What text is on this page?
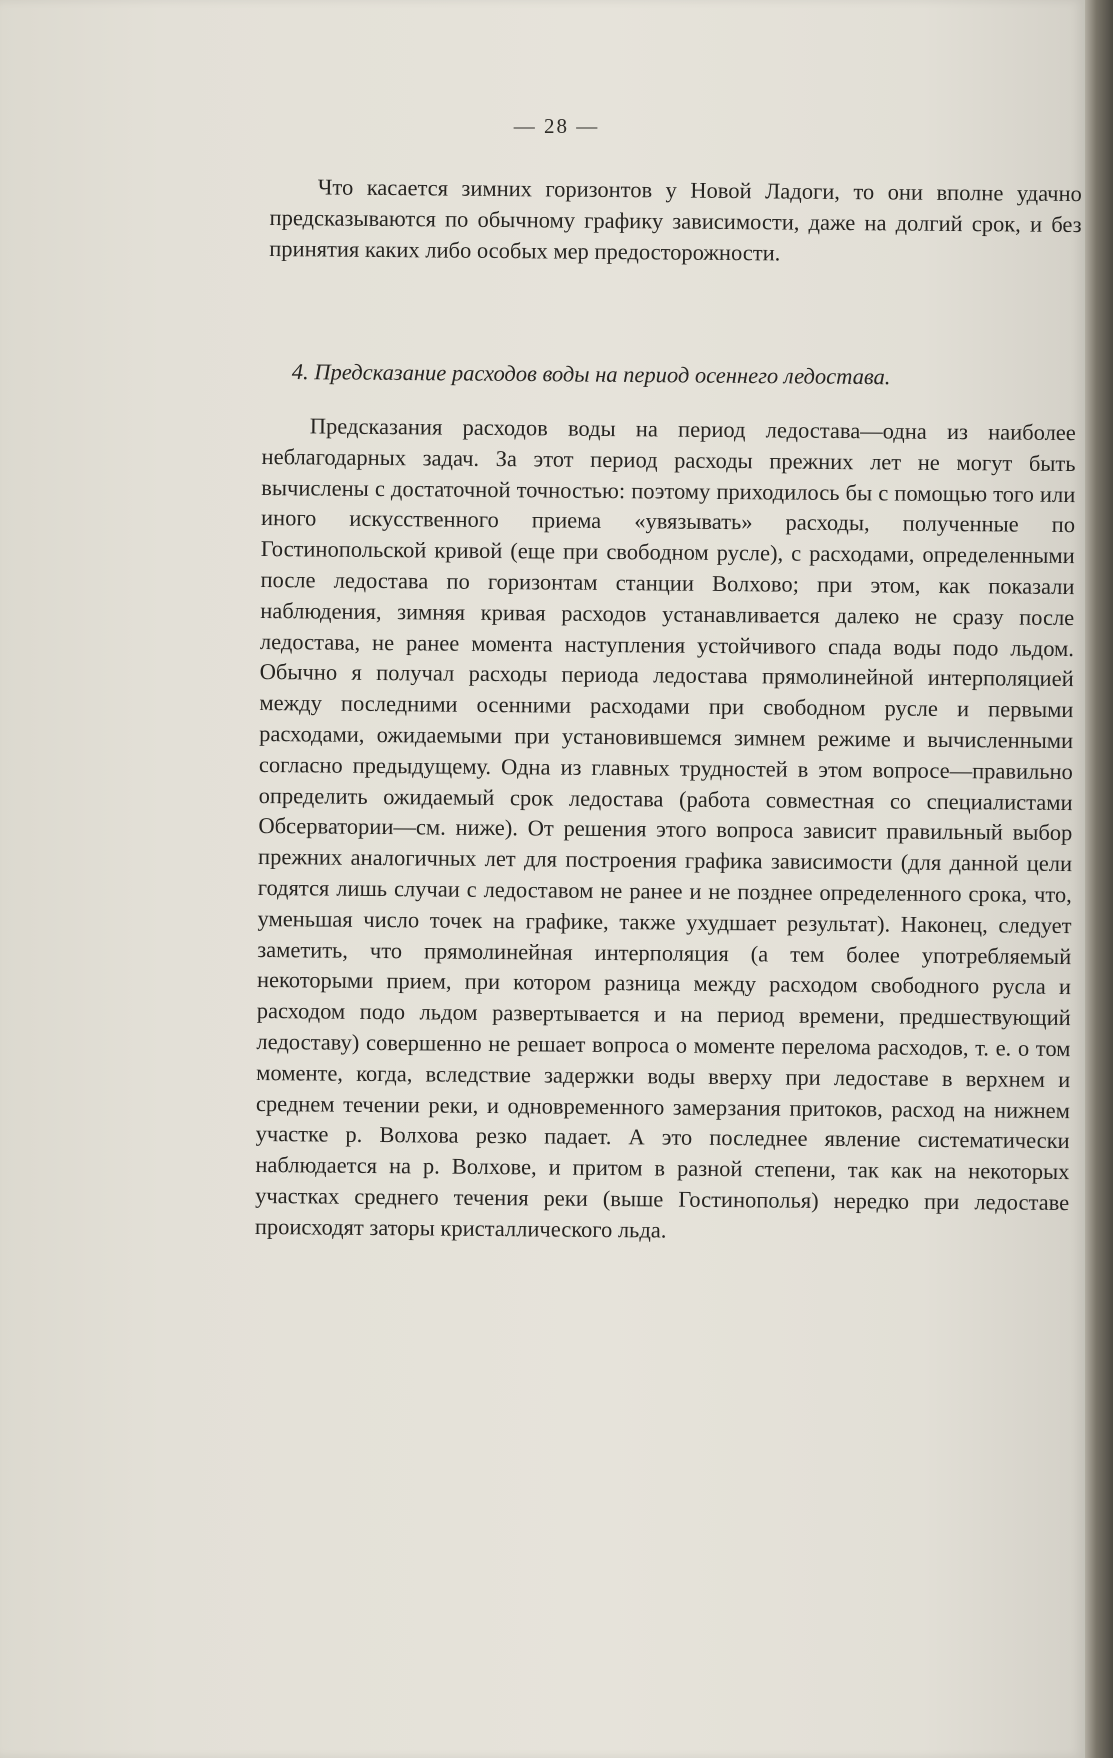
— 28 —

Что касается зимних горизонтов у Новой Ладоги, то они вполне удачно предсказываются по обычному графику зависимости, даже на долгий срок, и без принятия каких либо особых мер предосторожности.

4. Предсказание расходов воды на период осеннего ледостава.

Предсказания расходов воды на период ледостава—одна из наиболее неблагодарных задач. За этот период расходы прежних лет не могут быть вычислены с достаточной точностью: поэтому приходилось бы с помощью того или иного искусственного приема «увязывать» расходы, полученные по Гостинопольской кривой (еще при свободном русле), с расходами, определенными после ледостава по горизонтам станции Волхово; при этом, как показали наблюдения, зимняя кривая расходов устанавливается далеко не сразу после ледостава, не ранее момента наступления устойчивого спада воды подо льдом. Обычно я получал расходы периода ледостава прямолинейной интерполяцией между последними осенними расходами при свободном русле и первыми расходами, ожидаемыми при установившемся зимнем режиме и вычисленными согласно предыдущему. Одна из главных трудностей в этом вопросе—правильно определить ожидаемый срок ледостава (работа совместная со специалистами Обсерватории—см. ниже). От решения этого вопроса зависит правильный выбор прежних аналогичных лет для построения графика зависимости (для данной цели годятся лишь случаи с ледоставом не ранее и не позднее определенного срока, что, уменьшая число точек на графике, также ухудшает результат). Наконец, следует заметить, что прямолинейная интерполяция (а тем более употребляемый некоторыми прием, при котором разница между расходом свободного русла и расходом подо льдом развертывается и на период времени, предшествующий ледоставу) совершенно не решает вопроса о моменте перелома расходов, т. е. о том моменте, когда, вследствие задержки воды вверху при ледоставе в верхнем и среднем течении реки, и одновременного замерзания притоков, расход на нижнем участке р. Волхова резко падает. А это последнее явление систематически наблюдается на р. Волхове, и притом в разной степени, так как на некоторых участках среднего течения реки (выше Гостинополья) нередко при ледоставе происходят заторы кристаллического льда.
